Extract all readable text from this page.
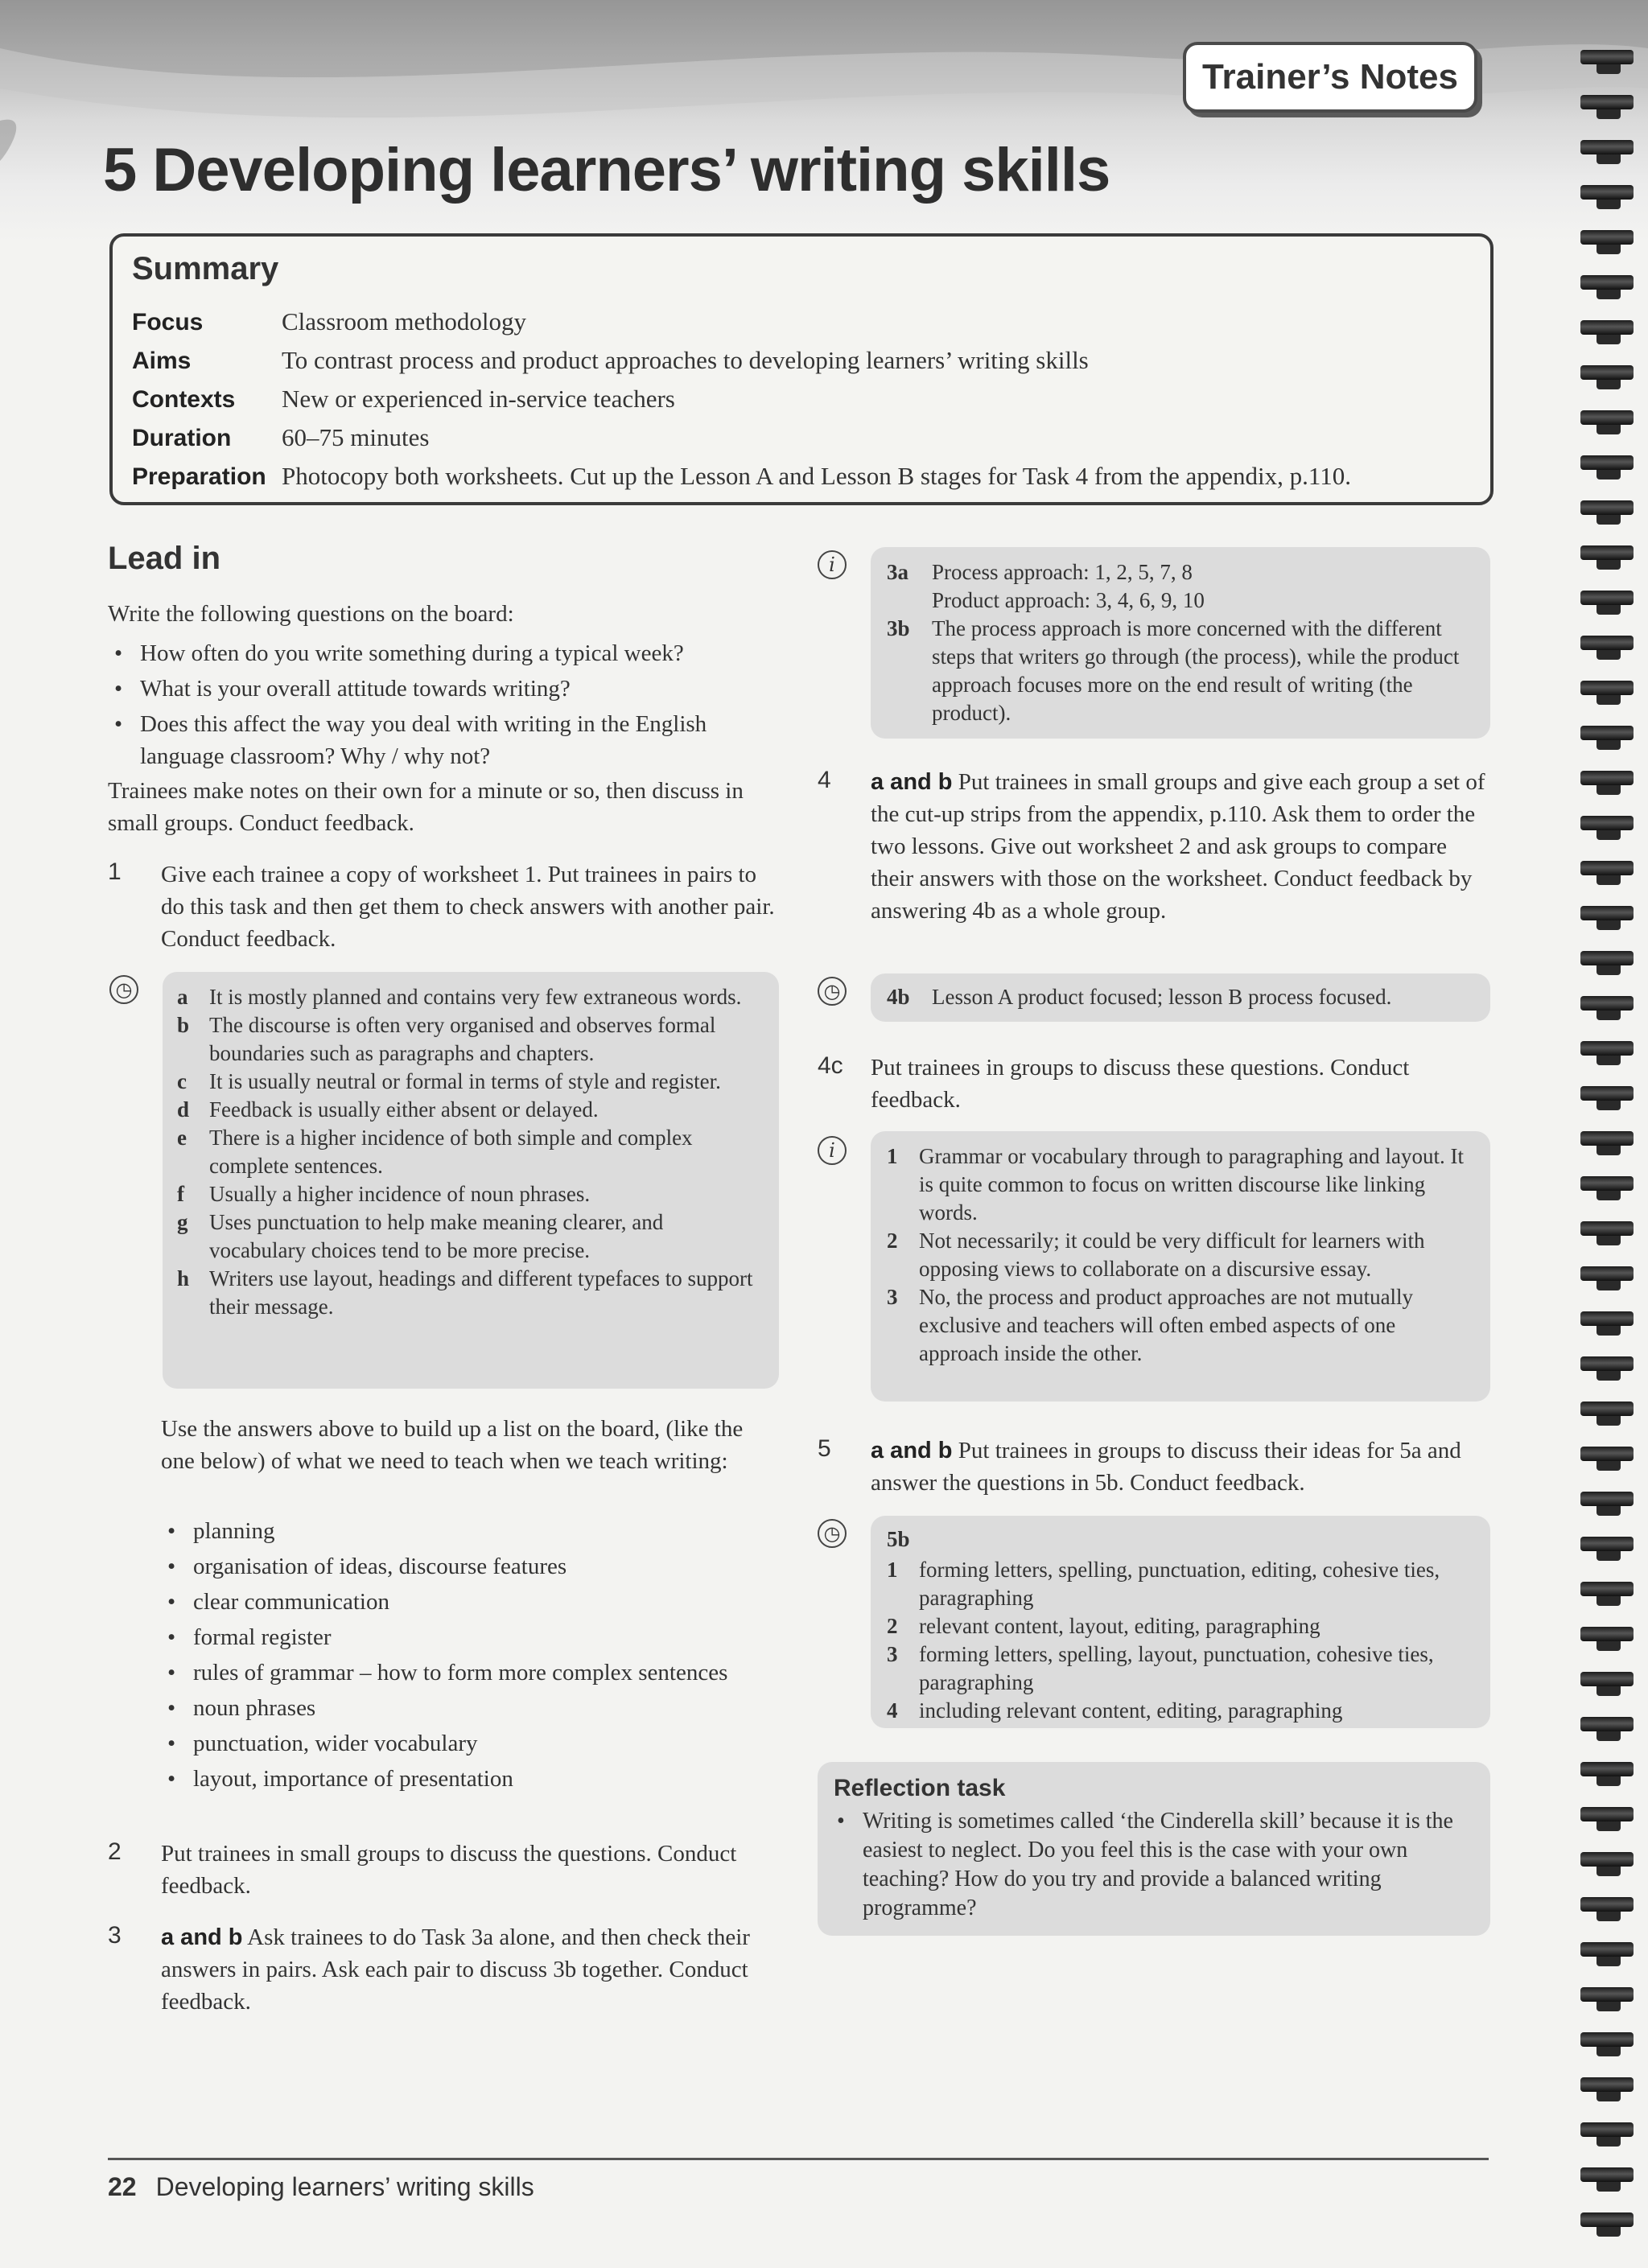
Trainer’s Notes
5 Developing learners’ writing skills
Summary
Focus	Classroom methodology
Aims	To contrast process and product approaches to developing learners’ writing skills
Contexts New or experienced in-service teachers
Duration 60–75 minutes
Preparation Photocopy both worksheets. Cut up the Lesson A and Lesson B stages for Task 4 from the appendix, p.110.
Lead in

Write the following questions on the board:

• How often do you write something during a typical week?
• What is your overall attitude towards writing?
• Does this affect the way you deal with writing in the English language classroom? Why / why not?

Trainees make notes on their own for a minute or so, then discuss in small groups. Conduct feedback.

1 Give each trainee a copy of worksheet 1. Put trainees in pairs to do this task and then get them to check answers with another pair. Conduct feedback.

◷ a It is mostly planned and contains very few extraneous words.
b The discourse is often very organised and observes formal boundaries such as paragraphs and chapters.
c It is usually neutral or formal in terms of style and register.
d Feedback is usually either absent or delayed.
e There is a higher incidence of both simple and complex complete sentences.
f Usually a higher incidence of noun phrases.
g Uses punctuation to help make meaning clearer, and vocabulary choices tend to be more precise.
h Writers use layout, headings and different typefaces to support their message.

Use the answers above to build up a list on the board, (like the one below) of what we need to teach when we teach writing:

• planning
• organisation of ideas, discourse features
• clear communication
• formal register
• rules of grammar – how to form more complex sentences
• noun phrases
• punctuation, wider vocabulary
• layout, importance of presentation
2 Put trainees in small groups to discuss the questions. Conduct feedback.

3 a and b Ask trainees to do Task 3a alone, and then check their answers in pairs. Ask each pair to discuss 3b together. Conduct feedback.

i	3a Process approach: 1, 2, 5, 7, 8
Product approach: 3, 4, 6, 9, 10
3b The process approach is more concerned with the different steps that writers go through (the process), while the product approach focuses more on the end result of writing (the product).
4 a and b Put trainees in small groups and give each group a set of the cut-up strips from the appendix, p.110. Ask them to order the two lessons. Give out worksheet 2 and ask groups to compare their answers with those on the worksheet. Conduct feedback by answering 4b as a whole group.

◷ 4b Lesson A product focused; lesson B process focused.
4c Put trainees in groups to discuss these questions. Conduct feedback.

i	1 Grammar or vocabulary through to paragraphing and layout. It is quite common to focus on written discourse like linking words.
2 Not necessarily; it could be very difficult for learners with opposing views to collaborate on a discursive essay.
3 No, the process and product approaches are not mutually exclusive and teachers will often embed aspects of one approach inside the other.
5 a and b Put trainees in groups to discuss their ideas for 5a and answer the questions in 5b. Conduct feedback.

◷ 5b
1 forming letters, spelling, punctuation, editing, cohesive ties, paragraphing
2 relevant content, layout, editing, paragraphing
3 forming letters, spelling, layout, punctuation, cohesive ties, paragraphing
4 including relevant content, editing, paragraphing
Reflection task
• Writing is sometimes called ‘the Cinderella skill’ because it is the easiest to neglect. Do you feel this is the case with your own teaching? How do you try and provide a balanced writing programme?
22 Developing learners’ writing skills
